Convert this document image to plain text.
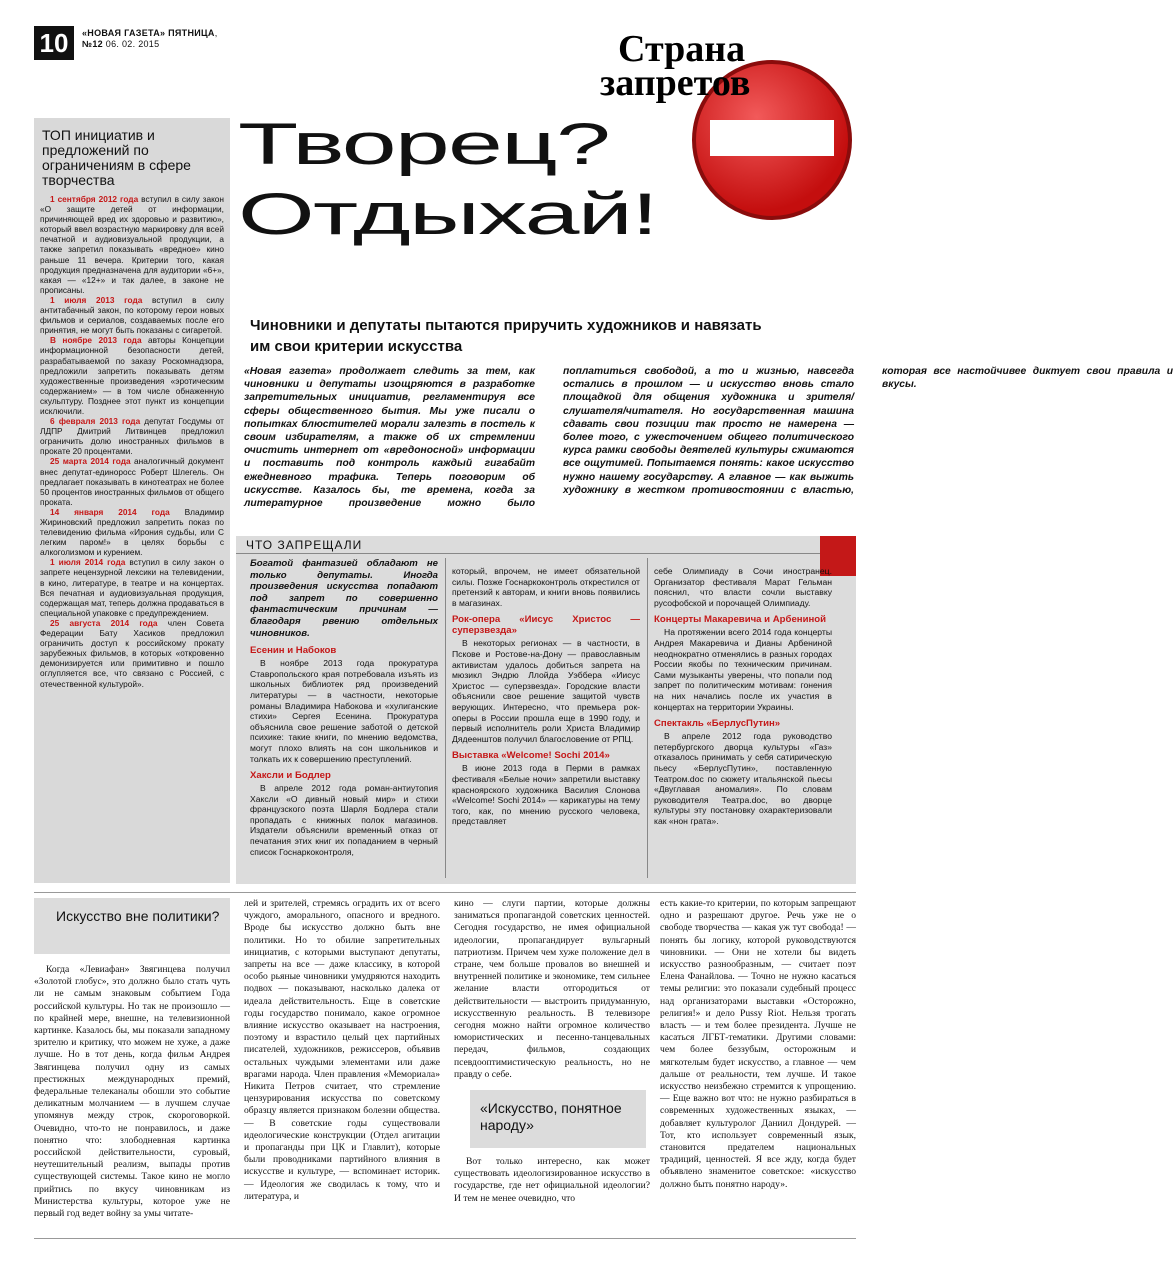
10	«НОВАЯ ГАЗЕТА» ПЯТНИЦА,
№12 06. 02. 2015	Страна
запретов
Творец?
Отдыхай!
Чиновники и депутаты пытаются приручить художников и навязать им свои критерии искусства
«Новая газета» продолжает следить за тем, как чиновники и депутаты изощряются в разработке запретительных инициатив, регламентируя все сферы общественного бытия. Мы уже писали о попытках блюстителей морали залезть в постель к своим избирателям, а также об их стремлении очистить интернет от «вредоносной» информации и поставить под контроль каждый гигабайт ежедневного трафика. Теперь поговорим об искусстве. Казалось бы, те времена, когда за литературное произведение можно было поплатиться свободой, а то и жизнью, навсегда остались в прошлом — и искусство вновь стало площадкой для общения художника и зрителя/слушателя/читателя. Но государственная машина сдавать свои позиции так просто не намерена — более того, с ужесточением общего политического курса рамки свободы деятелей культуры сжимаются все ощутимей. Попытаемся понять: какое искусство нужно нашему государству. А главное — как выжить художнику в жестком противостоянии с властью, которая все настойчивее диктует свои правила и вкусы.
ТОП инициатив и предложений по ограничениям в сфере творчества

1 сентября 2012 года вступил в силу закон «О защите детей от информации, причиняющей вред их здоровью и развитию», который ввел возрастную маркировку для всей печатной и аудиовизуальной продукции, а также запретил показывать «вредное» кино раньше 11 вечера. Критерии того, какая продукция предназначена для аудитории «6+», какая — «12+» и так далее, в законе не прописаны.

1 июля 2013 года вступил в силу антитабачный закон, по которому герои новых фильмов и сериалов, создаваемых после его принятия, не могут быть показаны с сигаретой.

В ноябре 2013 года авторы Концепции информационной безопасности детей, разрабатываемой по заказу Роскомнадзора, предложили запретить показывать детям художественные произведения «эротическим содержанием» — в том числе обнаженную скульптуру. Позднее этот пункт из концепции исключили.

6 февраля 2013 года депутат Госдумы от ЛДПР Дмитрий Литвинцев предложил ограничить долю иностранных фильмов в прокате 20 процентами.

25 марта 2014 года аналогичный документ внес депутат-единоросс Роберт Шлегель. Он предлагает показывать в кинотеатрах не более 50 процентов иностранных фильмов от общего проката.

14 января 2014 года Владимир Жириновский предложил запретить показ по телевидению фильма «Ирония судьбы, или С легким паром!» в целях борьбы с алкоголизмом и курением.

1 июля 2014 года вступил в силу закон о запрете нецензурной лексики на телевидении, в кино, литературе, в театре и на концертах. Вся печатная и аудиовизуальная продукция, содержащая мат, теперь должна продаваться в специальной упаковке с предупреждением.

25 августа 2014 года член Совета Федерации Бату Хасиков предложил ограничить доступ к российскому прокату зарубежных фильмов, в которых «откровенно демонизируется или примитивно и пошло оглупляется все, что связано с Россией, с отечественной культурой».

ЧТО ЗАПРЕЩАЛИ

Богатой фантазией обладают не только депутаты. Иногда произведения искусства попадают под запрет по совершенно фантастическим причинам — благодаря рвению отдельных чиновников.

Есенин и Набоков

В ноябре 2013 года прокуратура Ставропольского края потребовала изъять из школьных библиотек ряд произведений литературы — в частности, некоторые романы Владимира Набокова и «хулиганские стихи» Сергея Есенина. Прокуратура объяснила свое решение заботой о детской психике: такие книги, по мнению ведомства, могут плохо влиять на сон школьников и толкать их к совершению преступлений.

Хаксли и Бодлер

В апреле 2012 года роман-антиутопия Хаксли «О дивный новый мир» и стихи французского поэта Шарля Бодлера стали пропадать с книжных полок магазинов. Издатели объяснили временный отказ от печатания этих книг их попаданием в черный список Госнаркоконтроля,

который, впрочем, не имеет обязательной силы. Позже Госнаркоконтроль открестился от претензий к авторам, и книги вновь появились в магазинах.

Рок-опера «Иисус Христос — суперзвезда»

В некоторых регионах — в частности, в Пскове и Ростове-на-Дону — православным активистам удалось добиться запрета на мюзикл Эндрю Ллойда Уэббера «Иисус Христос — суперзвезда». Городские власти объяснили свое решение защитой чувств верующих. Интересно, что премьера рок-оперы в России прошла еще в 1990 году, и первый исполнитель роли Христа Владимир Дядеенштов получил благословение от РПЦ.

Выставка «Welcome! Sochi 2014»

В июне 2013 года в Перми в рамках фестиваля «Белые ночи» запретили выставку красноярского художника Василия Слонова «Welcome! Sochi 2014» — карикатуры на тему того, как, по мнению русского человека, представляет

себе Олимпиаду в Сочи иностранец. Организатор фестиваля Марат Гельман пояснил, что власти сочли выставку русофобской и порочащей Олимпиаду.

Концерты Макаревича и Арбениной

На протяжении всего 2014 года концерты Андрея Макаревича и Дианы Арбениной неоднократно отменялись в разных городах России якобы по техническим причинам. Сами музыканты уверены, что попали под запрет по политическим мотивам: гонения на них начались после их участия в концертах на территории Украины.

Спектакль «БерлусПутин»

В апреле 2012 года руководство петербургского дворца культуры «Газ» отказалось принимать у себя сатирическую пьесу «БерлусПутин», поставленную Театром.doc по сюжету итальянской пьесы «Двуглавая аномалия». По словам руководителя Театра.doc, во дворце культуры эту постановку охарактеризовали как «нон грата».

Искусство вне политики?

Когда «Левиафан» Звягинцева получил «Золотой глобус», это должно было стать чуть ли не самым знаковым событием Года российской культуры. Но так не произошло — по крайней мере, внешне, на телевизионной картинке. Казалось бы, мы показали западному зрителю и критику, что можем не хуже, а даже лучше. Но в тот день, когда фильм Андрея Звягинцева получил одну из самых престижных международных премий, федеральные телеканалы обошли это событие деликатным молчанием — в лучшем случае упомянув между строк, скороговоркой. Очевидно, что-то не понравилось, и даже понятно что: злободневная картинка российской действительности, суровый, неутешительный реализм, выпады против существующей системы. Такое кино не могло прийтись по вкусу чиновникам из Министерства культуры, которое уже не первый год ведет войну за умы читате-

лей и зрителей, стремясь оградить их от всего чуждого, аморального, опасного и вредного. Вроде бы искусство должно быть вне политики. Но то обилие запретительных инициатив, с которыми выступают депутаты, запреты на все — даже классику, в которой особо рьяные чиновники умудряются находить подвох — показывают, насколько далека от идеала действительность. Еще в советские годы государство понимало, какое огромное влияние искусство оказывает на настроения, поэтому и взрастило целый цех партийных писателей, художников, режиссеров, объявив остальных чуждыми элементами или даже врагами народа. Член правления «Мемориала» Никита Петров считает, что стремление цензурирования искусства по советскому образцу является признаком болезни общества. — В советские годы существовали идеологические конструкции (Отдел агитации и пропаганды при ЦК и Главлит), которые были проводниками партийного влияния в искусстве и культуре, — вспоминает историк. — Идеология же сводилась к тому, что и литература, и

кино — слуги партии, которые должны заниматься пропагандой советских ценностей. Сегодня государство, не имея официальной идеологии, пропагандирует вульгарный патриотизм. Причем чем хуже положение дел в стране, чем больше провалов во внешней и внутренней политике и экономике, тем сильнее желание власти отгородиться от действительности — выстроить придуманную, искусственную реальность. В телевизоре сегодня можно найти огромное количество юмористических и песенно-танцевальных передач, фильмов, создающих псевдооптимистическую реальность, но не правду о себе.

«Искусство, понятное народу»

Вот только интересно, как может существовать идеологизированное искусство в государстве, где нет официальной идеологии? И тем не менее очевидно, что

есть какие-то критерии, по которым запрещают одно и разрешают другое. Речь уже не о свободе творчества — какая уж тут свобода! — понять бы логику, которой руководствуются чиновники. — Они не хотели бы видеть искусство разнообразным, — считает поэт Елена Фанайлова. — Точно не нужно касаться темы религии: это показали судебный процесс над организаторами выставки «Осторожно, религия!» и дело Pussy Riot. Нельзя трогать власть — и тем более президента. Лучше не касаться ЛГБТ-тематики. Другими словами: чем более беззубым, осторожным и мягкотелым будет искусство, а главное — чем дальше от реальности, тем лучше. И такое искусство неизбежно стремится к упрощению. — Еще важно вот что: не нужно разбираться в современных художественных языках, — добавляет культуролог Даниил Дондурей. — Тот, кто использует современный язык, становится предателем национальных традиций, ценностей. Я все жду, когда будет объявлено знаменитое советское: «искусство должно быть понятно народу».
